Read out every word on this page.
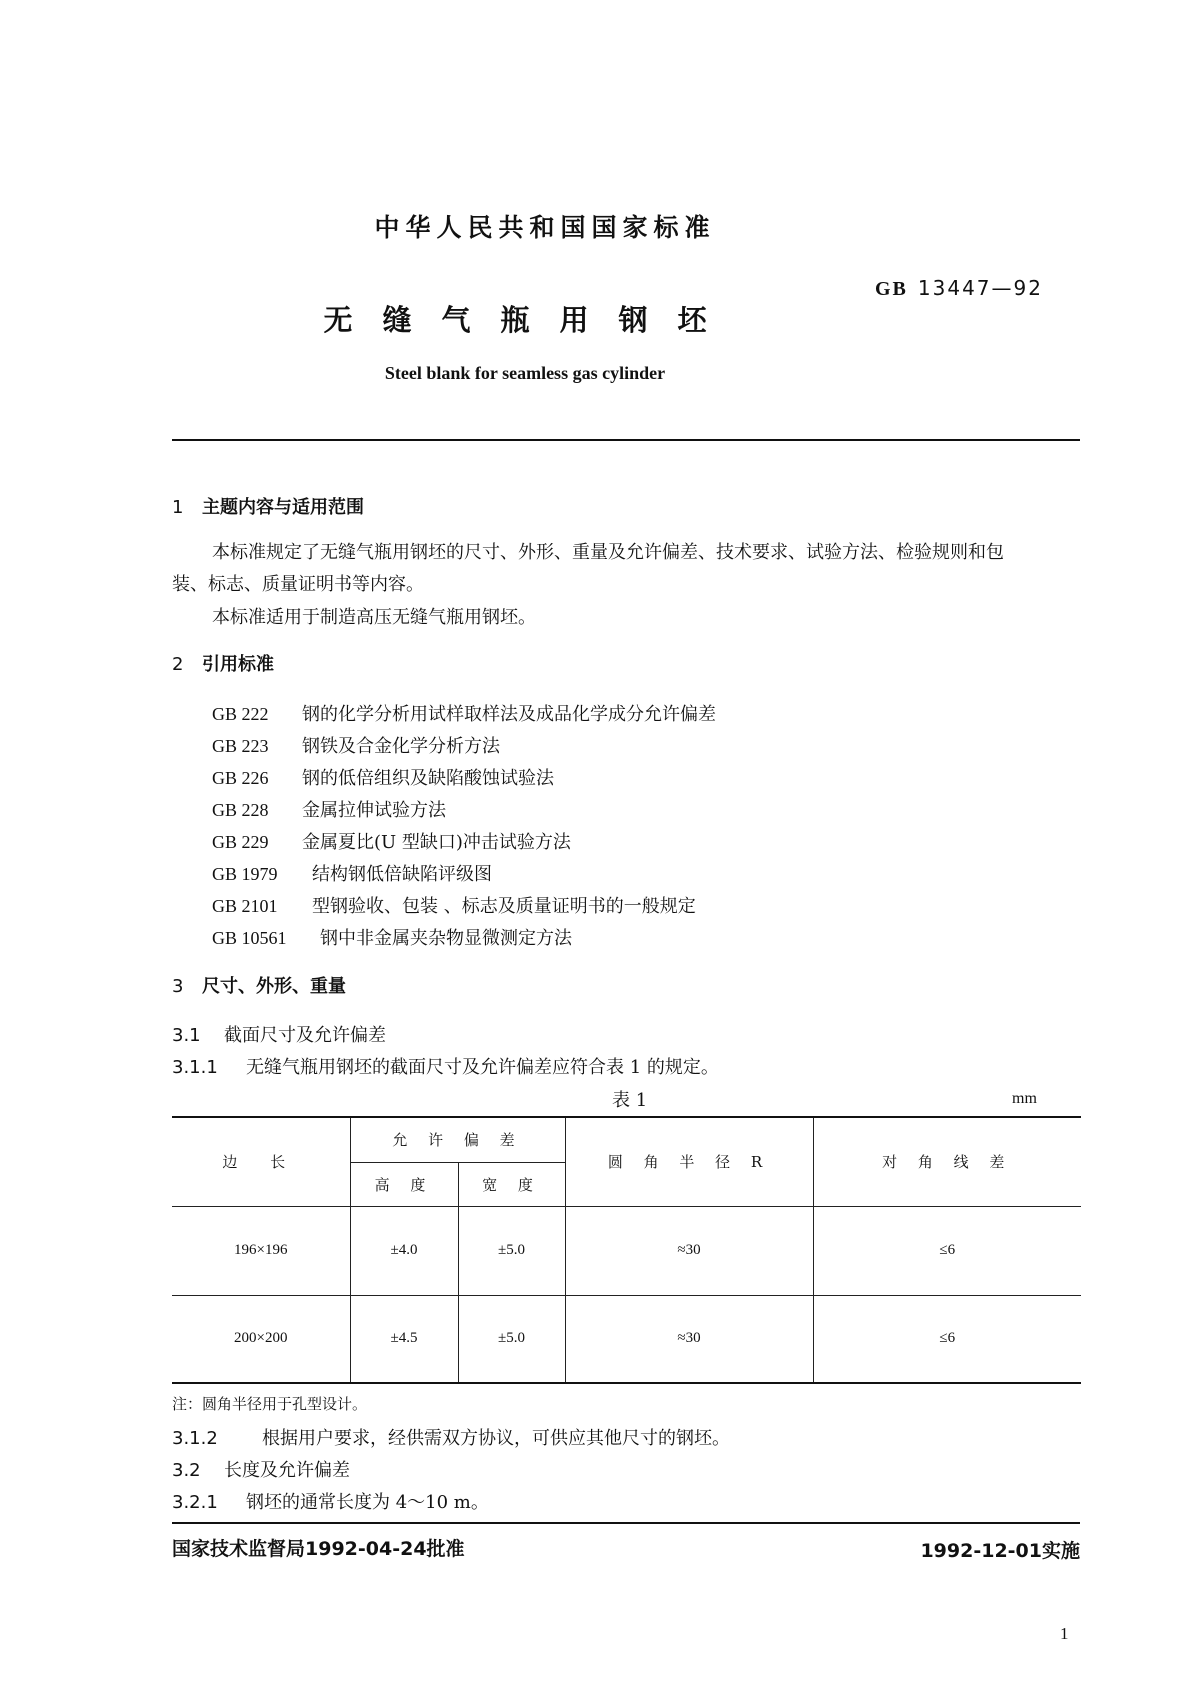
中华人民共和国国家标准
GB 13447—92
无缝气瓶用钢坯
Steel blank for seamless gas cylinder
1 主题内容与适用范围
本标准规定了无缝气瓶用钢坯的尺寸、外形、重量及允许偏差、技术要求、试验方法、检验规则和包
装、标志、质量证明书等内容。
本标准适用于制造高压无缝气瓶用钢坯。
2 引用标准
GB 222 钢的化学分析用试样取样法及成品化学成分允许偏差
GB 223 钢铁及合金化学分析方法
GB 226 钢的低倍组织及缺陷酸蚀试验法
GB 228 金属拉伸试验方法
GB 229 金属夏比(U 型缺口)冲击试验方法
GB 1979 结构钢低倍缺陷评级图
GB 2101 型钢验收、包装 、标志及质量证明书的一般规定
GB 10561 钢中非金属夹杂物显微测定方法
3 尺寸、外形、重量
3.1 截面尺寸及允许偏差
3.1.1 无缝气瓶用钢坯的截面尺寸及允许偏差应符合表 1 的规定。
表 1	mm
边 长	允 许 偏 差		圆 角 半 径 R	对 角 线 差
	高 度	宽 度		
196×196	±4.0	±5.0	≈30	≤6
200×200	±4.5	±5.0	≈30	≤6
注：圆角半径用于孔型设计。
3.1.2 根据用户要求，经供需双方协议，可供应其他尺寸的钢坯。
3.2 长度及允许偏差
3.2.1 钢坯的通常长度为 4～10 m。
国家技术监督局1992-04-24批准	1992-12-01实施
1
